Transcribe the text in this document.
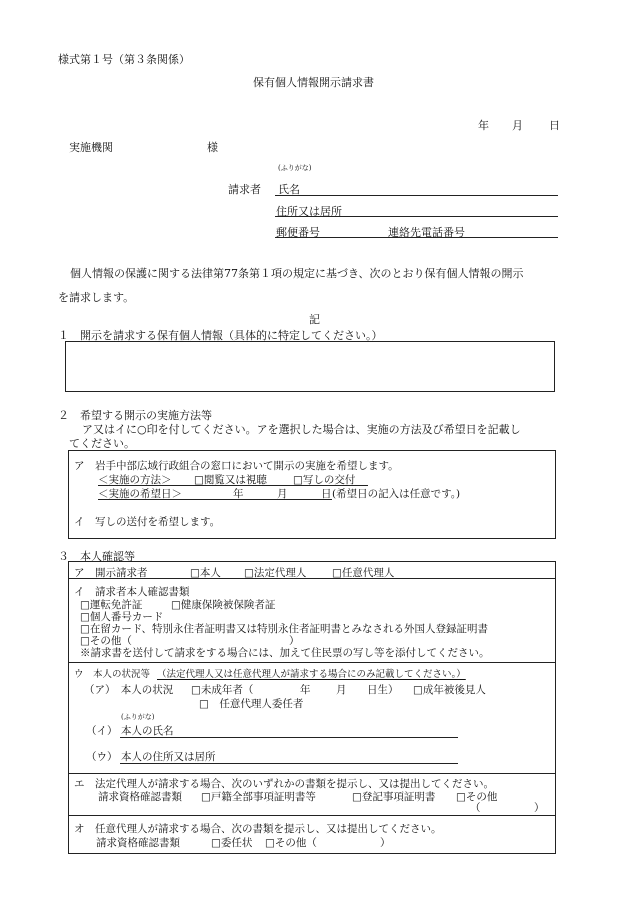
様式第１号（第３条関係）
保有個人情報開示請求書
年 月 日
実施機関	様
(ふりがな)
請求者 氏名
住所又は居所
郵便番号	連絡先電話番号
個人情報の保護に関する法律第77条第１項の規定に基づき、次のとおり保有個人情報の開示
を請求します。
記
１　開示を請求する保有個人情報（具体的に特定してください。）
２　希望する開示の実施方法等
ア又はイに○印を付してください。アを選択した場合は、実施の方法及び希望日を記載し
てください。
ア　岩手中部広域行政組合の窓口において開示の実施を希望します。
＜実施の方法＞ □閲覧又は視聴 □写しの交付
＜実施の希望日＞	年	月	日 (希望日の記入は任意です。)
イ　写しの送付を希望します。
３　本人確認等
ア　開示請求者	□本人 □法定代理人 □任意代理人
イ　請求者本人確認書類
□運転免許証	□健康保険被保険者証
□個人番号カード
□在留カード、特別永住者証明書又は特別永住者証明書とみなされる外国人登録証明書
□その他（	）
※請求書を送付して請求をする場合には、加えて住民票の写し等を添付してください。
ウ　本人の状況等 （法定代理人又は任意代理人が請求する場合にのみ記載してください。）
（ア）　本人の状況 □未成年者（	年 月 日生） □成年被後見人
□　任意代理人委任者
(ふりがな)
（イ） 本人の氏名
（ウ） 本人の住所又は居所
エ　法定代理人が請求する場合、次のいずれかの書類を提示し、又は提出してください。
請求資格確認書類 □戸籍全部事項証明書等	□登記事項証明書 □その他
（	）
オ　任意代理人が請求する場合、次の書類を提示し、又は提出してください。
請求資格確認書類	□委任状 □その他（	）
